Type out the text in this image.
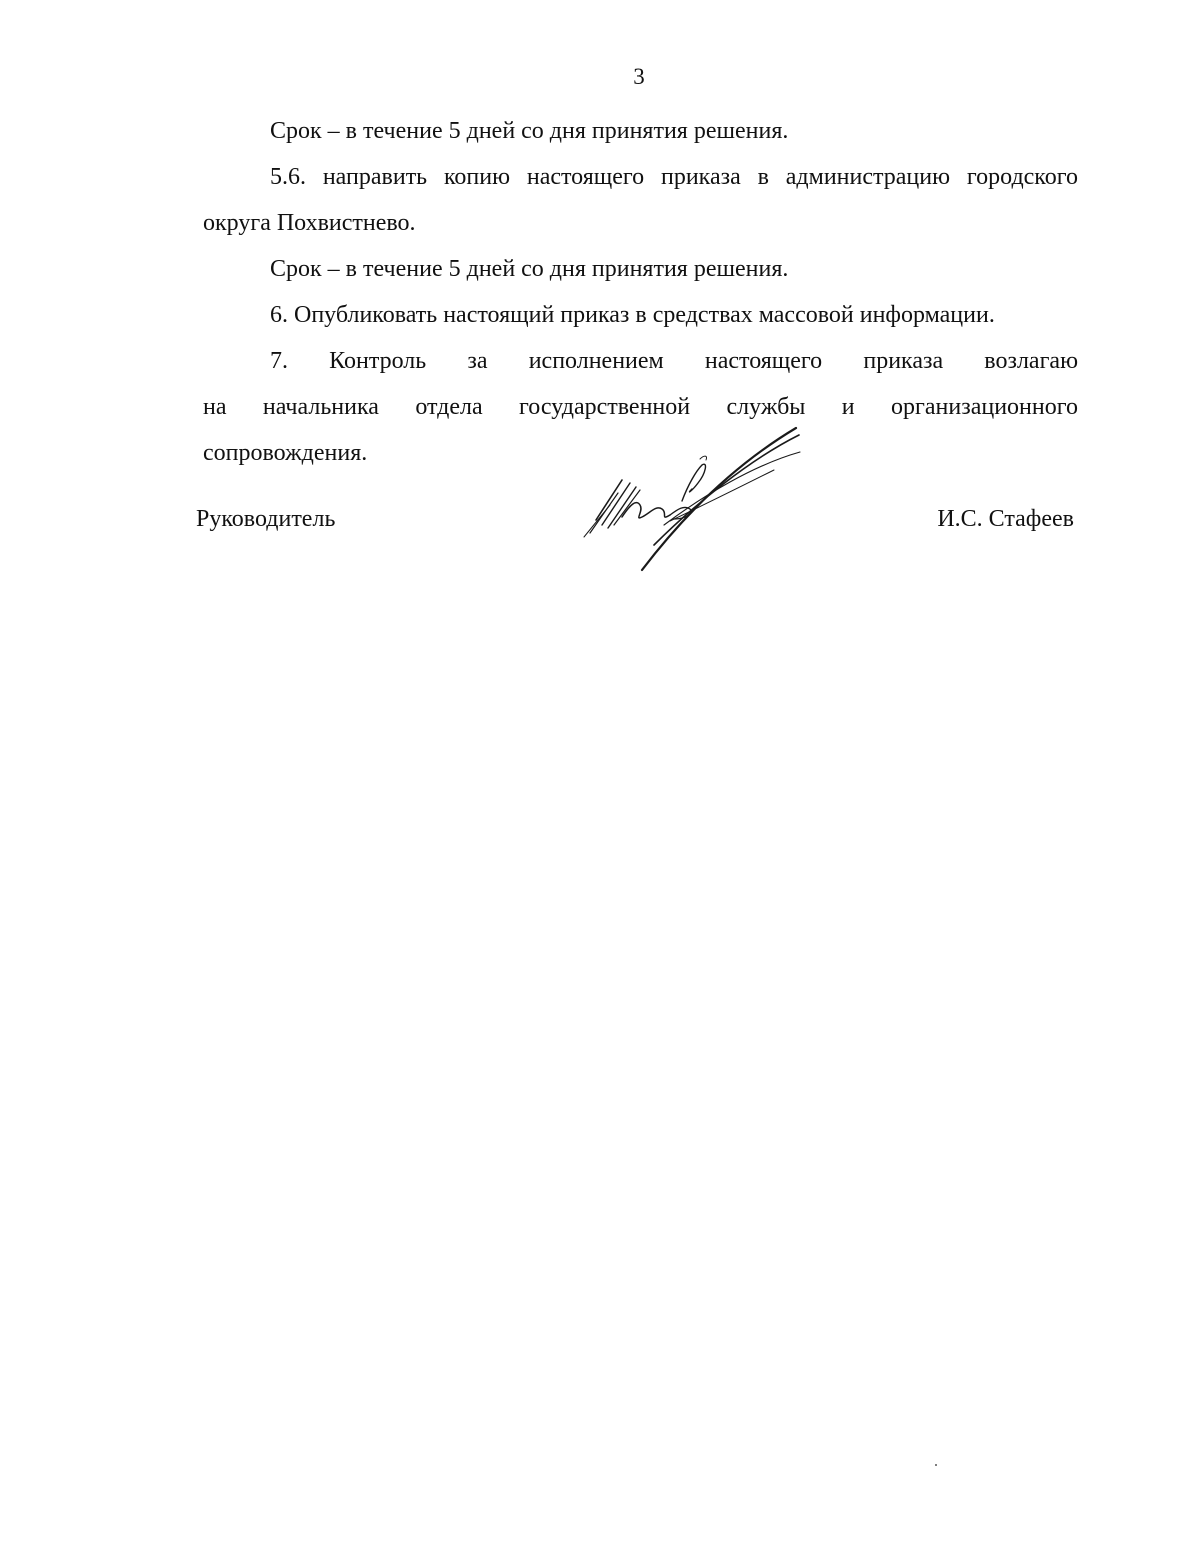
3

Срок – в течение 5 дней со дня принятия решения.

5.6. направить копию настоящего приказа в администрацию городского

округа Похвистнево.

Срок – в течение 5 дней со дня принятия решения.

6. Опубликовать настоящий приказ в средствах массовой информации.

7. Контроль за исполнением настоящего приказа возлагаю

на начальника отдела государственной службы и организационного

сопровождения.

Руководитель	И.С. Стафеев
